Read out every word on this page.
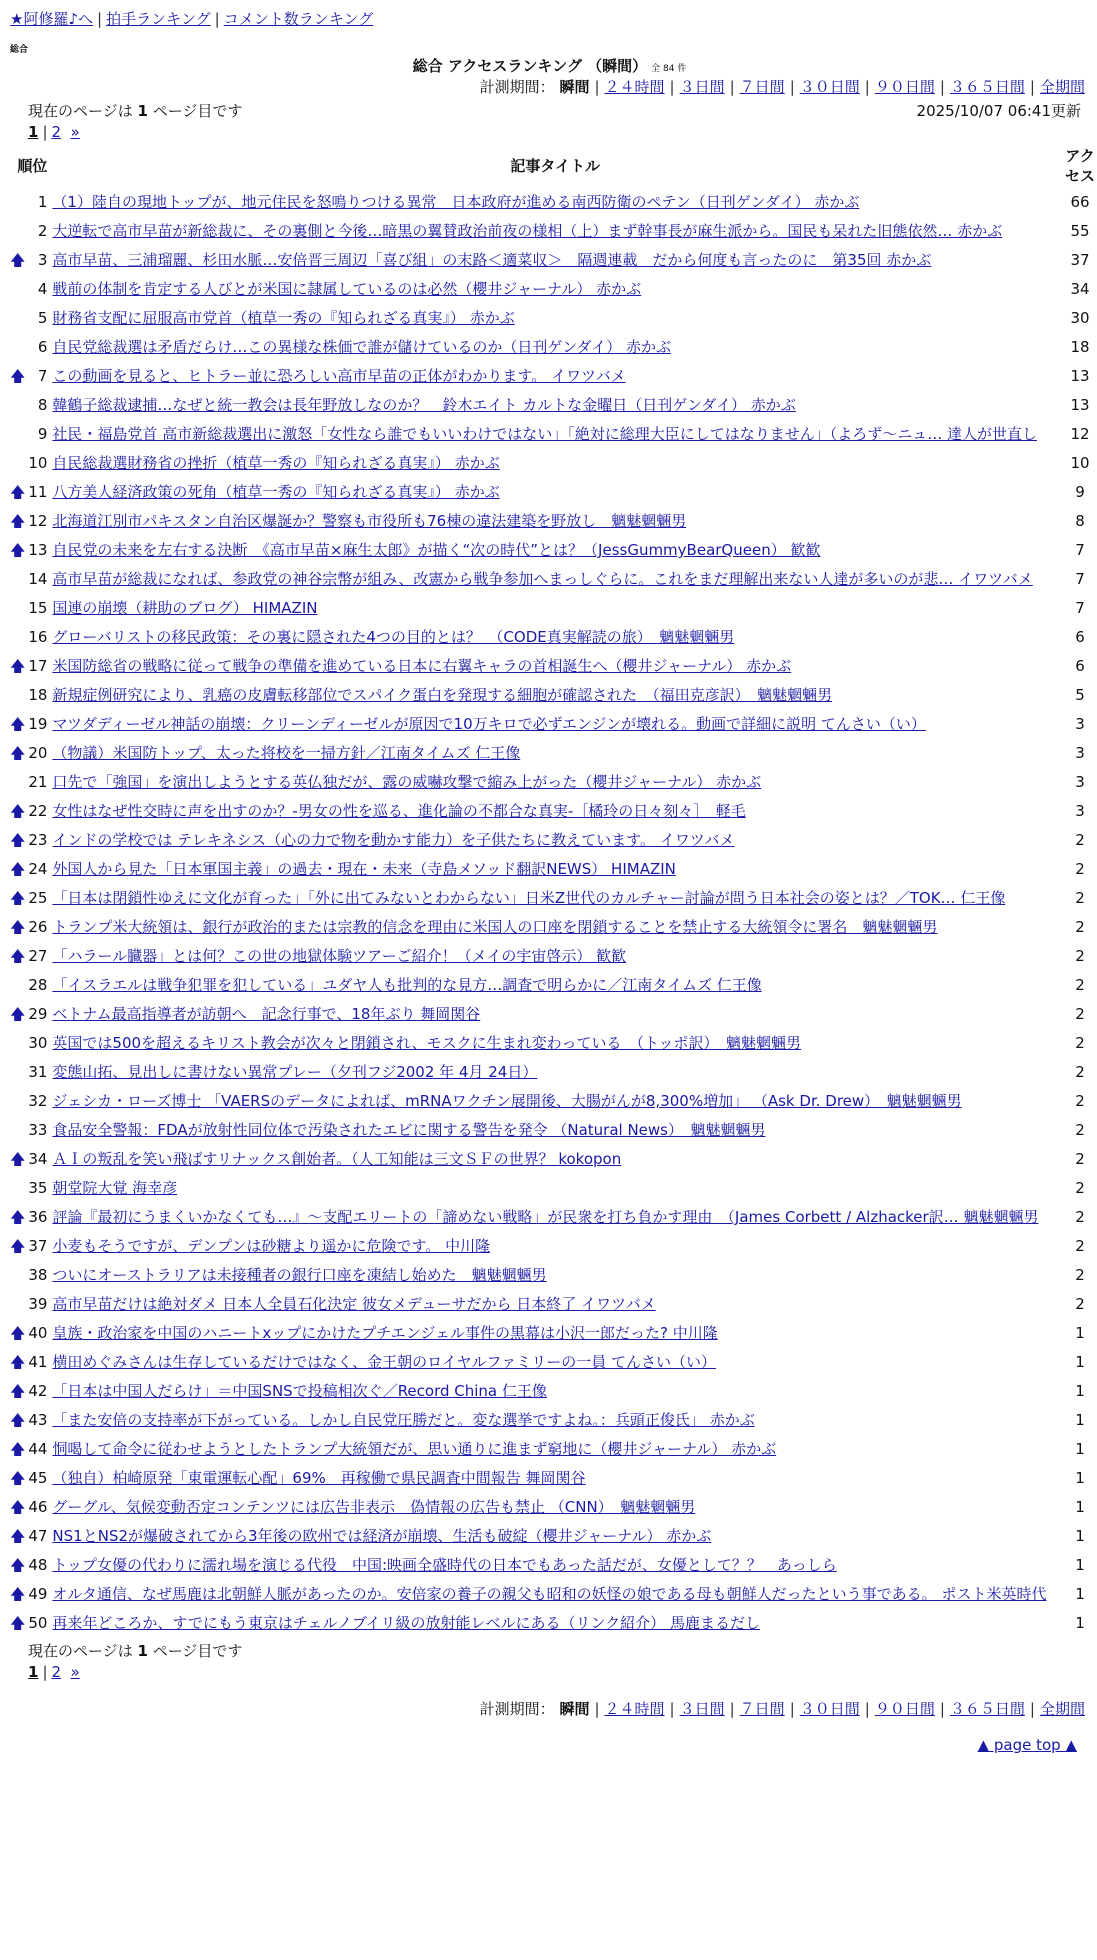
★阿修羅♪へ | 拍手ランキング | コメント数ランキング
総合
総合 アクセスランキング （瞬間） 全 84 件
計測期間： 瞬間 | ２４時間 | ３日間 | ７日間 | ３０日間 | ９０日間 | ３６５日間 | 全期間
現在のページは 1 ページ目です	2025/10/07 06:41更新
1 | 2 »
順位		記事タイトル	アクセス
	1	（1）陸自の現地トップが、地元住民を怒鳴りつける異常　日本政府が進める南西防衛のペテン（日刊ゲンダイ） 赤かぶ	66
	2	大逆転で高市早苗が新総裁に、その裏側と今後…暗黒の翼賛政治前夜の様相（上）まず幹事長が麻生派から。国民も呆れた旧態依然… 赤かぶ	55
🡅	3	高市早苗、三浦瑠麗、杉田水脈…安倍晋三周辺「喜び組」の末路＜適菜収＞　隔週連載　だから何度も言ったのに　第35回 赤かぶ	37
	4	戦前の体制を肯定する人びとが米国に隷属しているのは必然（櫻井ジャーナル） 赤かぶ	34
	5	財務省支配に屈服高市党首（植草一秀の『知られざる真実』） 赤かぶ	30
	6	自民党総裁選は矛盾だらけ…この異様な株価で誰が儲けているのか（日刊ゲンダイ） 赤かぶ	18
🡅	7	この動画を見ると、ヒトラー並に恐ろしい高市早苗の正体がわかります。 イワツバメ	13
	8	韓鶴子総裁逮捕…なぜと統一教会は長年野放しなのか？　鈴木エイト カルトな金曜日（日刊ゲンダイ） 赤かぶ	13
	9	社民・福島党首 高市新総裁選出に激怒「女性なら誰でもいいわけではない」「絶対に総理大臣にしてはなりません」（よろず〜ニュ… 達人が世直し	12
	10	自民総裁選財務省の挫折（植草一秀の『知られざる真実』） 赤かぶ	10
🡅	11	八方美人経済政策の死角（植草一秀の『知られざる真実』） 赤かぶ	9
🡅	12	北海道江別市パキスタン自治区爆誕か？警察も市役所も76棟の違法建築を野放し　魑魅魍魎男	8
🡅	13	自民党の未来を左右する決断　《高市早苗×麻生太郎》が描く“次の時代”とは？（JessGummyBearQueen） 歓歓	7
	14	高市早苗が総裁になれば、参政党の神谷宗幣が組み、改憲から戦争参加へまっしぐらに。これをまだ理解出来ない人達が多いのが悲… イワツバメ	7
	15	国連の崩壊（耕助のブログ） HIMAZIN	7
	16	グローバリストの移民政策：その裏に隠された4つの目的とは？　（CODE真実解読の旅）　魑魅魍魎男	6
🡅	17	米国防総省の戦略に従って戦争の準備を進めている日本に右翼キャラの首相誕生へ（櫻井ジャーナル） 赤かぶ	6
	18	新規症例研究により、乳癌の皮膚転移部位でスパイク蛋白を発現する細胞が確認された　（福田克彦訳）　魑魅魍魎男	5
🡅	19	マツダディーゼル神話の崩壊：クリーンディーゼルが原因で10万キロで必ずエンジンが壊れる。動画で詳細に説明 てんさい（い）	3
🡅	20	（物議）米国防トップ、太った将校を一掃方針／江南タイムズ 仁王像	3
	21	口先で「強国」を演出しようとする英仏独だが、露の威嚇攻撃で縮み上がった（櫻井ジャーナル） 赤かぶ	3
🡅	22	女性はなぜ性交時に声を出すのか？-男女の性を巡る、進化論の不都合な真実-［橘玲の日々刻々］　軽毛	3
🡅	23	インドの学校では テレキネシス（心の力で物を動かす能力）を子供たちに教えています。 イワツバメ	2
🡅	24	外国人から見た「日本軍国主義」の過去・現在・未来（寺島メソッド翻訳NEWS） HIMAZIN	2
🡅	25	「日本は閉鎖性ゆえに文化が育った」「外に出てみないとわからない」日米Z世代のカルチャー討論が問う日本社会の姿とは？／TOK… 仁王像	2
🡅	26	トランプ米大統領は、銀行が政治的または宗教的信念を理由に米国人の口座を閉鎖することを禁止する大統領令に署名　魑魅魍魎男	2
🡅	27	「ハラール臓器」とは何？この世の地獄体験ツアーご紹介！（メイの宇宙啓示） 歓歓	2
	28	「イスラエルは戦争犯罪を犯している」ユダヤ人も批判的な見方…調査で明らかに／江南タイムズ 仁王像	2
🡅	29	ベトナム最高指導者が訪朝へ　記念行事で、18年ぶり 舞岡関谷	2
	30	英国では500を超えるキリスト教会が次々と閉鎖され、モスクに生まれ変わっている　（トッポ訳）　魑魅魍魎男	2
	31	変態山拓、見出しに書けない異常プレー（夕刊フジ2002 年 4月 24日）	2
	32	ジェシカ・ローズ博士 「VAERSのデータによれば、mRNAワクチン展開後、大腸がんが8,300%増加」 （Ask Dr. Drew）　魑魅魍魎男	2
	33	食品安全警報：FDAが放射性同位体で汚染されたエビに関する警告を発令 （Natural News）　魑魅魍魎男	2
🡅	34	ＡＩの叛乱を笑い飛ばすリナックス創始者。（人工知能は三文ＳＦの世界？ kokopon	2
	35	朝堂院大覚 海幸彦	2
🡅	36	評論『最初にうまくいかなくても…』〜支配エリートの「諦めない戦略」が民衆を打ち負かす理由　（James Corbett / Alzhacker訳… 魑魅魍魎男	2
🡅	37	小麦もそうですが、デンプンは砂糖より遥かに危険です。 中川隆	2
	38	ついにオーストラリアは未接種者の銀行口座を凍結し始めた　魑魅魍魎男	2
	39	高市早苗だけは絶対ダメ 日本人全員石化決定 彼女メデューサだから 日本終了 イワツバメ	2
🡅	40	皇族・政治家を中国のハニートxップにかけたプチエンジェル事件の黒幕は小沢一郎だった? 中川隆	1
🡅	41	横田めぐみさんは生存しているだけではなく、金王朝のロイヤルファミリーの一員 てんさい（い）	1
🡅	42	「日本は中国人だらけ」＝中国SNSで投稿相次ぐ／Record China 仁王像	1
🡅	43	「また安倍の支持率が下がっている。しかし自民党圧勝だと。変な選挙ですよね。：兵頭正俊氏」 赤かぶ	1
🡅	44	恫喝して命令に従わせようとしたトランプ大統領だが、思い通りに進まず窮地に（櫻井ジャーナル） 赤かぶ	1
🡅	45	（独自）柏崎原発「東電運転心配」69%　再稼働で県民調査中間報告 舞岡関谷	1
🡅	46	グーグル、気候変動否定コンテンツには広告非表示　偽情報の広告も禁止 （CNN）　魑魅魍魎男	1
🡅	47	NS1とNS2が爆破されてから3年後の欧州では経済が崩壊、生活も破綻（櫻井ジャーナル） 赤かぶ	1
🡅	48	トップ女優の代わりに濡れ場を演じる代役　中国:映画全盛時代の日本でもあった話だが、女優として？？　あっしら	1
🡅	49	オルタ通信、なぜ馬鹿は北朝鮮人脈があったのか。安倍家の養子の親父も昭和の妖怪の娘である母も朝鮮人だったという事である。 ポスト米英時代	1
🡅	50	再来年どころか、すでにもう東京はチェルノブイリ級の放射能レベルにある（リンク紹介） 馬鹿まるだし	1
現在のページは 1 ページ目です
1 | 2 »
計測期間： 瞬間 | ２４時間 | ３日間 | ７日間 | ３０日間 | ９０日間 | ３６５日間 | 全期間
▲ page top ▲
